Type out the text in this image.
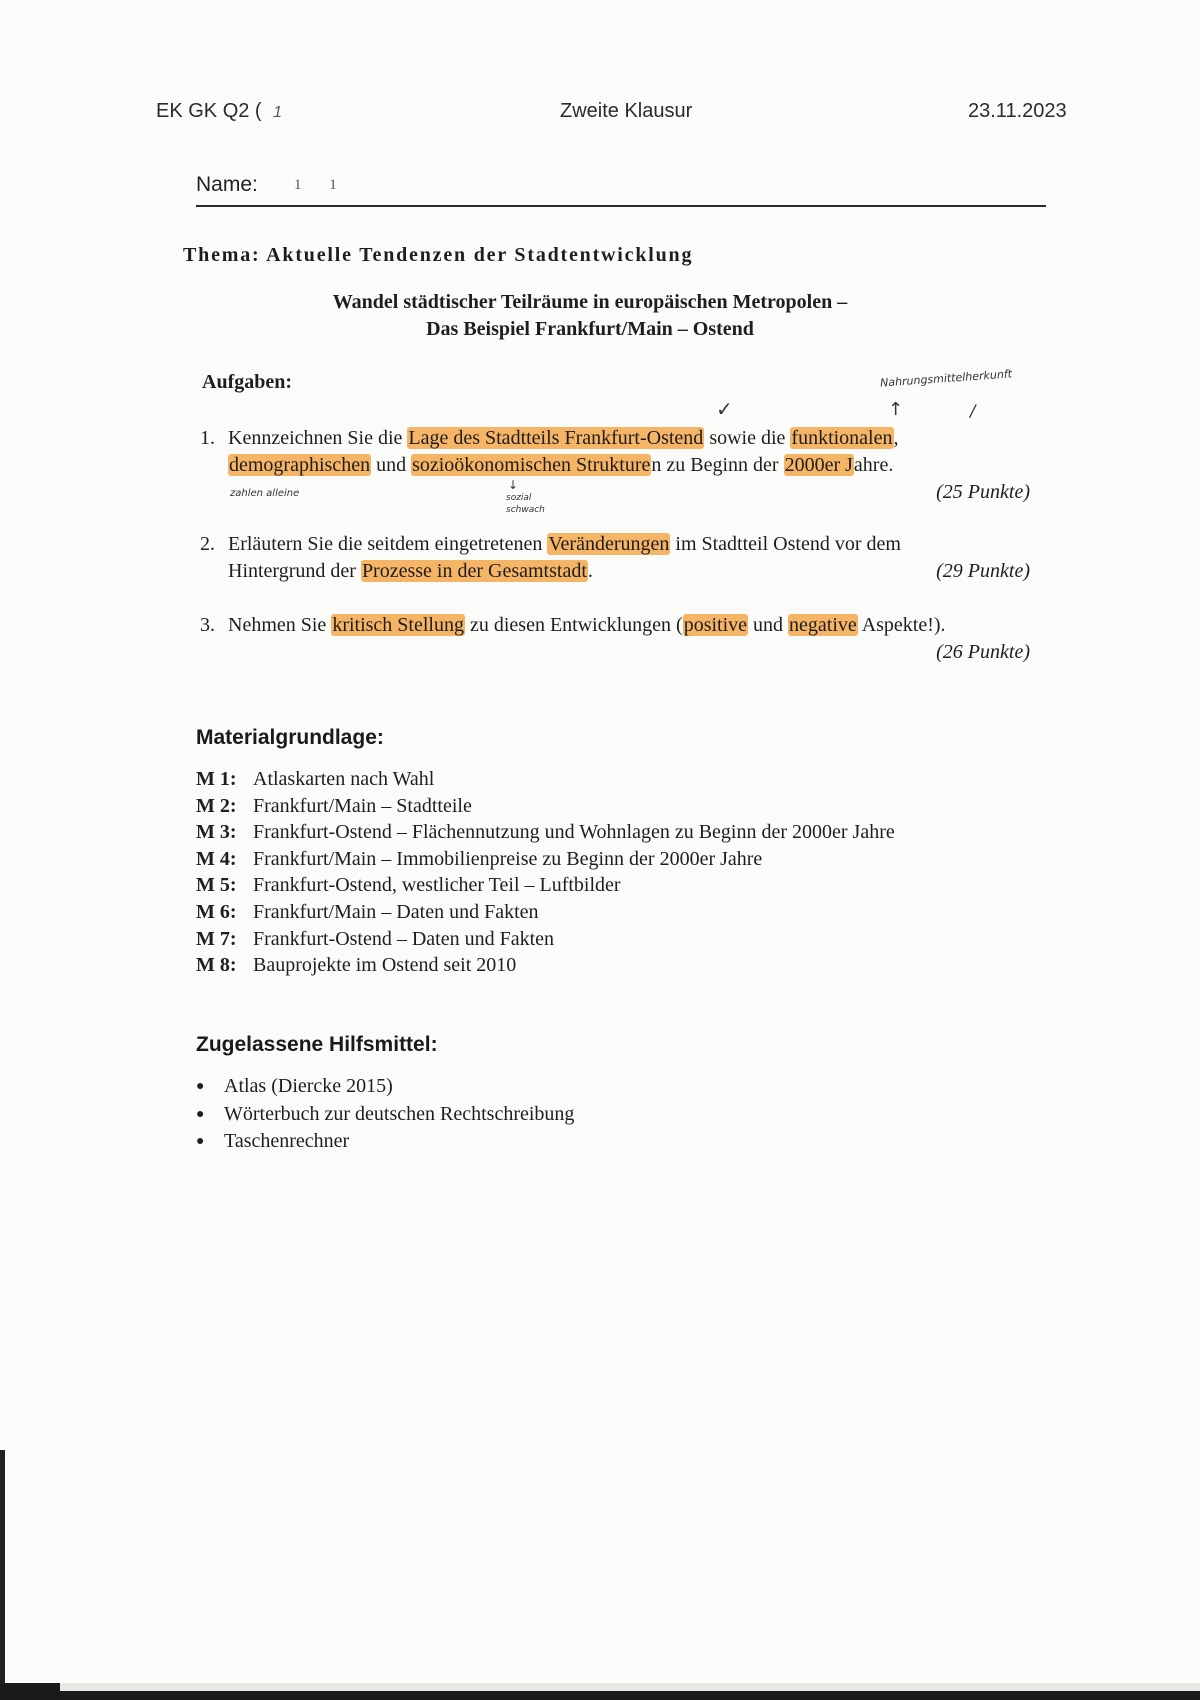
EK GK Q2 ( 1	Zweite Klausur	23.11.2023
Name: 1 1
Thema: Aktuelle Tendenzen der Stadtentwicklung
Wandel städtischer Teilräume in europäischen Metropolen –
Das Beispiel Frankfurt/Main – Ostend
Aufgaben:	Nahrungsmittelherkunft
✓	↑	/
zahlen alleine
↓
sozial
schwach
1. Kennzeichnen Sie die Lage des Stadtteils Frankfurt-Ostend sowie die funktionalen,
demographischen und sozioökonomischen Strukturen zu Beginn der 2000er Jahre.
(25 Punkte)
2. Erläutern Sie die seitdem eingetretenen Veränderungen im Stadtteil Ostend vor dem
Hintergrund der Prozesse in der Gesamtstadt.	(29 Punkte)
3. Nehmen Sie kritisch Stellung zu diesen Entwicklungen (positive und negative Aspekte!).
(26 Punkte)
Materialgrundlage:
M 1: Atlaskarten nach Wahl
M 2: Frankfurt/Main – Stadtteile
M 3: Frankfurt-Ostend – Flächennutzung und Wohnlagen zu Beginn der 2000er Jahre
M 4: Frankfurt/Main – Immobilienpreise zu Beginn der 2000er Jahre
M 5: Frankfurt-Ostend, westlicher Teil – Luftbilder
M 6: Frankfurt/Main – Daten und Fakten
M 7: Frankfurt-Ostend – Daten und Fakten
M 8: Bauprojekte im Ostend seit 2010
Zugelassene Hilfsmittel:
● Atlas (Diercke 2015)
● Wörterbuch zur deutschen Rechtschreibung
● Taschenrechner
